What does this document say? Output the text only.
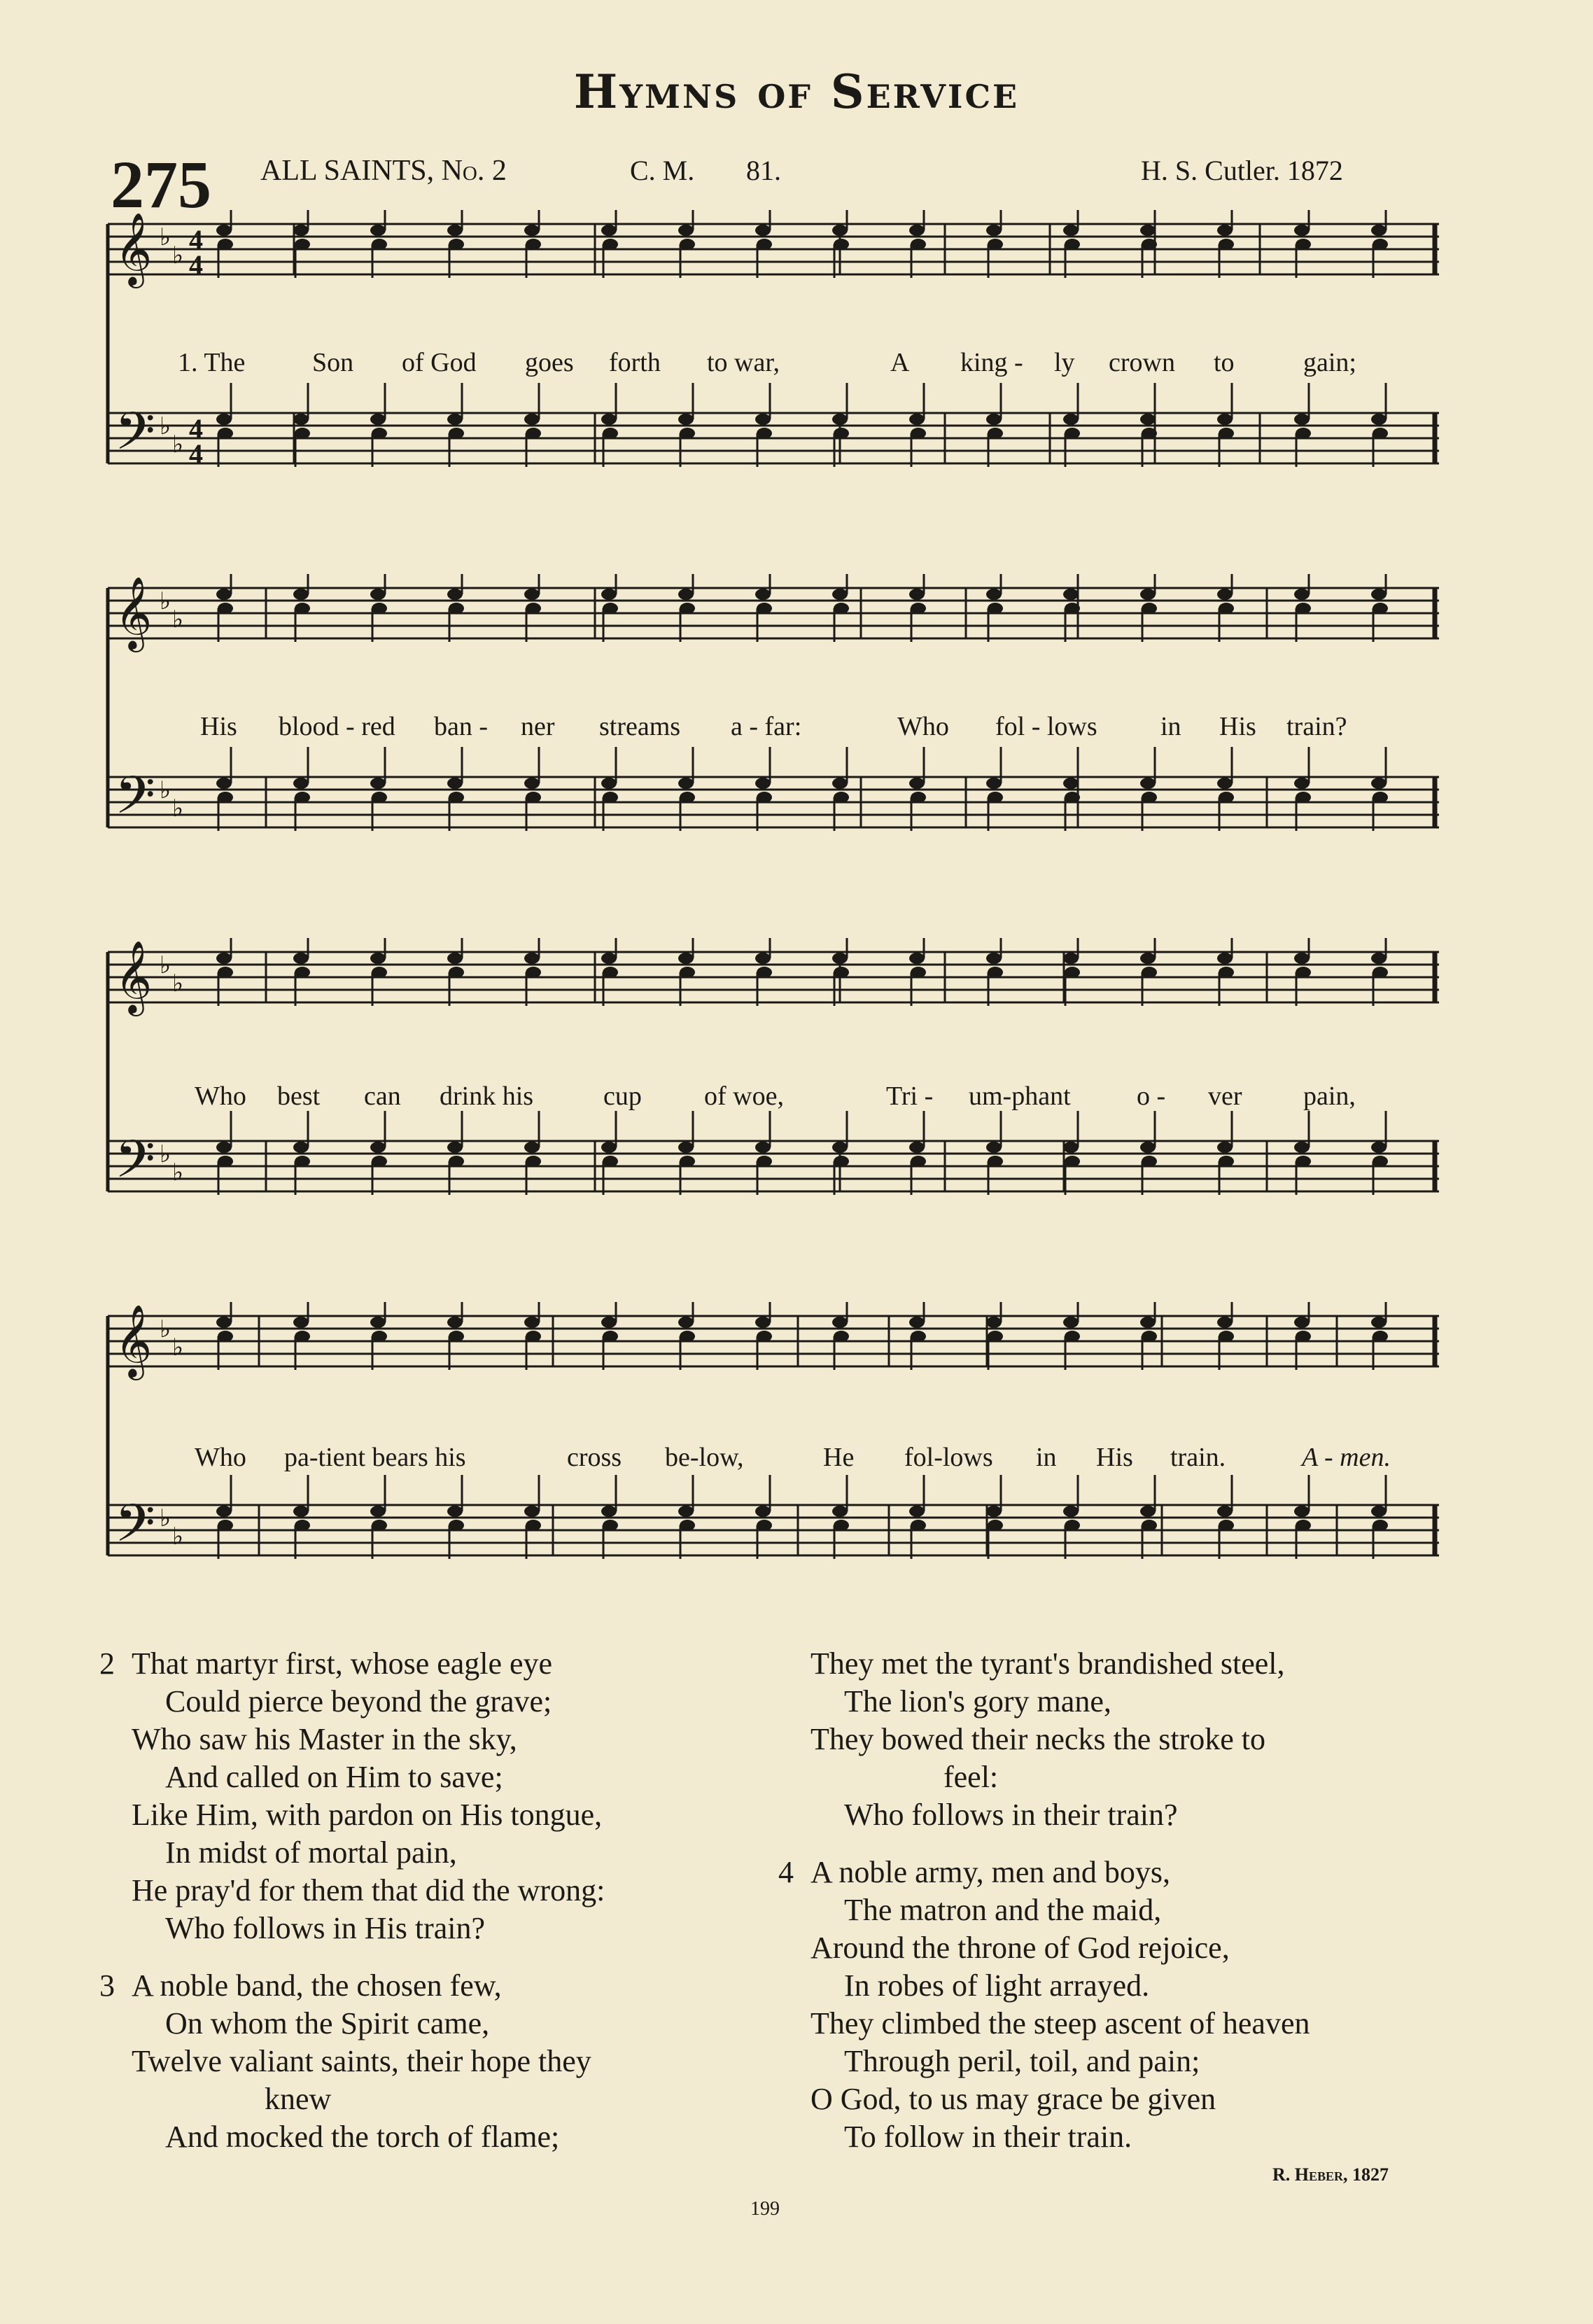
Hymns of Service
275 ALL SAINTS, No. 2	C. M. 81.	H. S. Cutler. 1872
𝄞 ♭
♭ 4
4
𝄢 ♭
♭ 4
4
1. The	Son of God goes forth to war,	A king - ly crown to	gain;
𝄞 ♭
♭
𝄢 ♭
♭
His blood - red ban - ner streams a - far:	Who fol - lows in His train?
𝄞 ♭
♭
𝄢 ♭
♭
Who best can drink his	cup of woe,	Tri - um-phant o - ver pain,
𝄞 ♭
♭
𝄢 ♭
♭
Who pa-tient bears his	cross be-low,	He fol-lows in His train.	A - men.
2 That martyr first, whose eagle eye
Could pierce beyond the grave;
Who saw his Master in the sky,
And called on Him to save;
Like Him, with pardon on His tongue,
In midst of mortal pain,
He pray'd for them that did the wrong:
Who follows in His train?
3 A noble band, the chosen few,
On whom the Spirit came,
Twelve valiant saints, their hope they
knew
And mocked the torch of flame;
They met the tyrant's brandished steel,
The lion's gory mane,
They bowed their necks the stroke to
feel:
Who follows in their train?
4 A noble army, men and boys,
The matron and the maid,
Around the throne of God rejoice,
In robes of light arrayed.
They climbed the steep ascent of heaven
Through peril, toil, and pain;
O God, to us may grace be given
To follow in their train.
R. Heber, 1827
199
